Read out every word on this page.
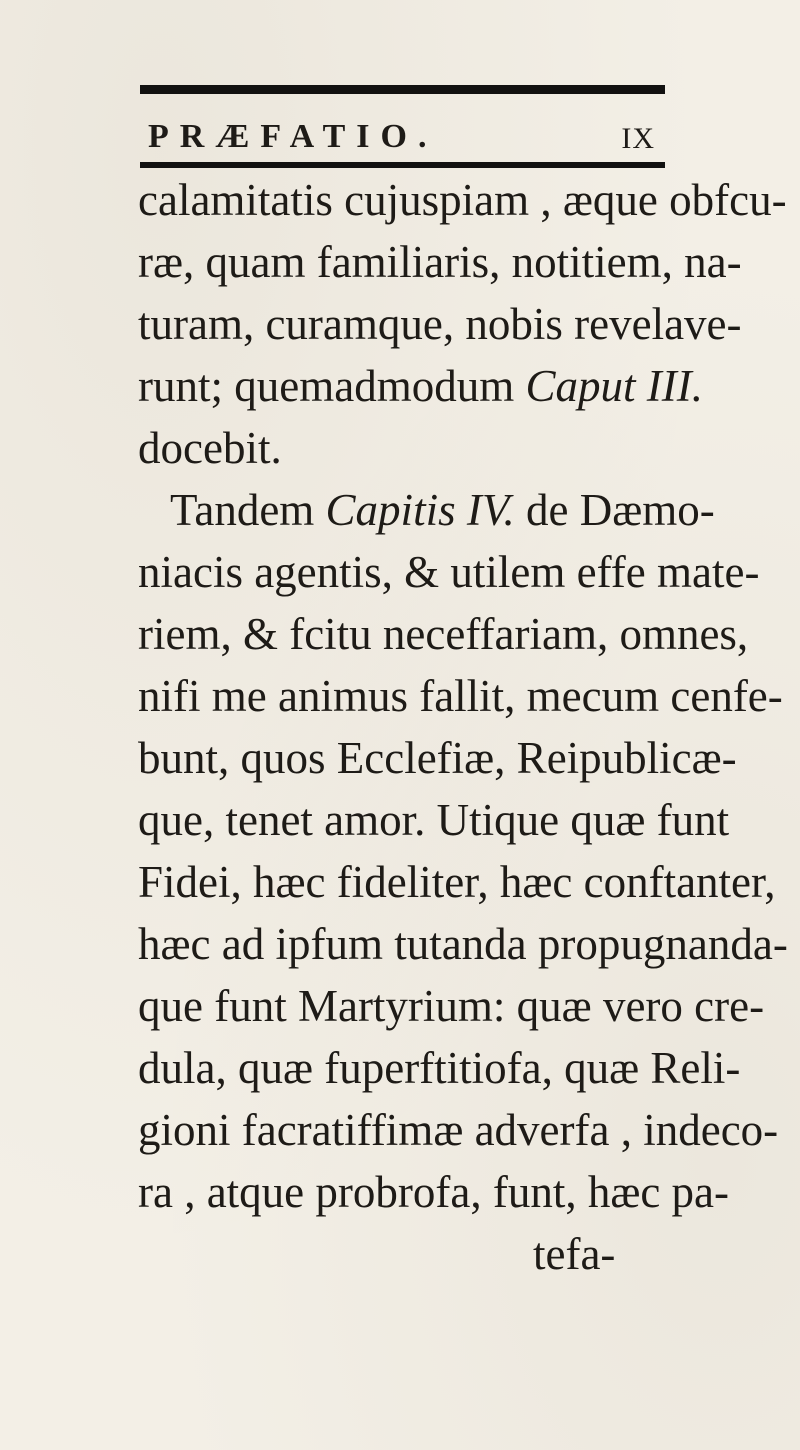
PRÆFATIO.	IX
calamitatis cujuspiam , æque obfcu-
ræ, quam familiaris, notitiem, na-
turam, curamque, nobis revelave-
runt; quemadmodum Caput III.
docebit.
Tandem Capitis IV. de Dæmo-
niacis agentis, & utilem effe mate-
riem, & fcitu neceffariam, omnes,
nifi me animus fallit, mecum cenfe-
bunt, quos Ecclefiæ, Reipublicæ-
que, tenet amor. Utique quæ funt
Fidei, hæc fideliter, hæc conftanter,
hæc ad ipfum tutanda propugnanda-
que funt Martyrium: quæ vero cre-
dula, quæ fuperftitiofa, quæ Reli-
gioni facratiffimæ adverfa , indeco-
ra , atque probrofa, funt, hæc pa-
tefa-
